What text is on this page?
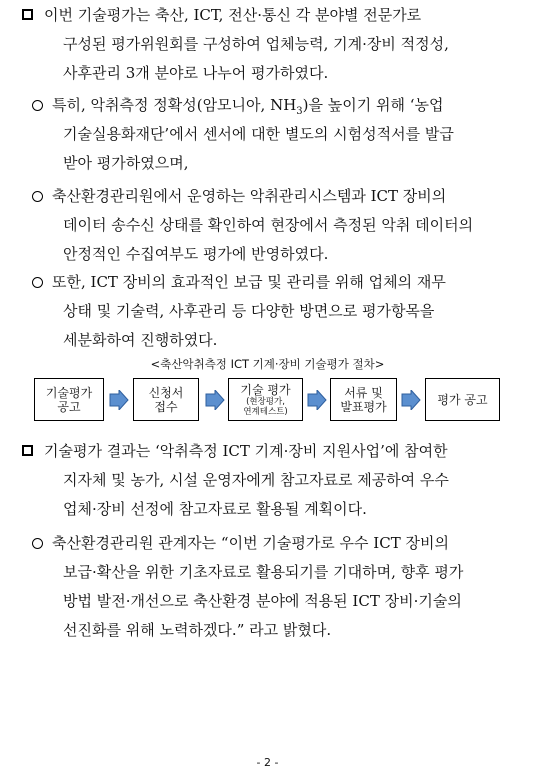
이번 기술평가는 축산, ICT, 전산·통신 각 분야별 전문가로
구성된 평가위원회를 구성하여 업체능력, 기계·장비 적정성,
사후관리 3개 분야로 나누어 평가하였다.
특히, 악취측정 정확성(암모니아, $NH_3$)을 높이기 위해 ‘농업
기술실용화재단’에서 센서에 대한 별도의 시험성적서를 발급
받아 평가하였으며,
축산환경관리원에서 운영하는 악취관리시스템과 ICT 장비의
데이터 송수신 상태를 확인하여 현장에서 측정된 악취 데이터의
안정적인 수집여부도 평가에 반영하였다.
또한, ICT 장비의 효과적인 보급 및 관리를 위해 업체의 재무
상태 및 기술력, 사후관리 등 다양한 방면으로 평가항목을
세분화하여 진행하였다.
<축산악취측정 ICT 기계·장비 기술평가 절차>
기술평가
공고
신청서
접수
기술 평가
(현장평가,
연계테스트)
서류 및
발표평가	평가 공고
기술평가 결과는 ‘악취측정 ICT 기계·장비 지원사업’에 참여한
지자체 및 농가, 시설 운영자에게 참고자료로 제공하여 우수
업체·장비 선정에 참고자료로 활용될 계획이다.
축산환경관리원 관계자는 “이번 기술평가로 우수 ICT 장비의
보급·확산을 위한 기초자료로 활용되기를 기대하며, 향후 평가
방법 발전·개선으로 축산환경 분야에 적용된 ICT 장비·기술의
선진화를 위해 노력하겠다.” 라고 밝혔다.
- 2 -
